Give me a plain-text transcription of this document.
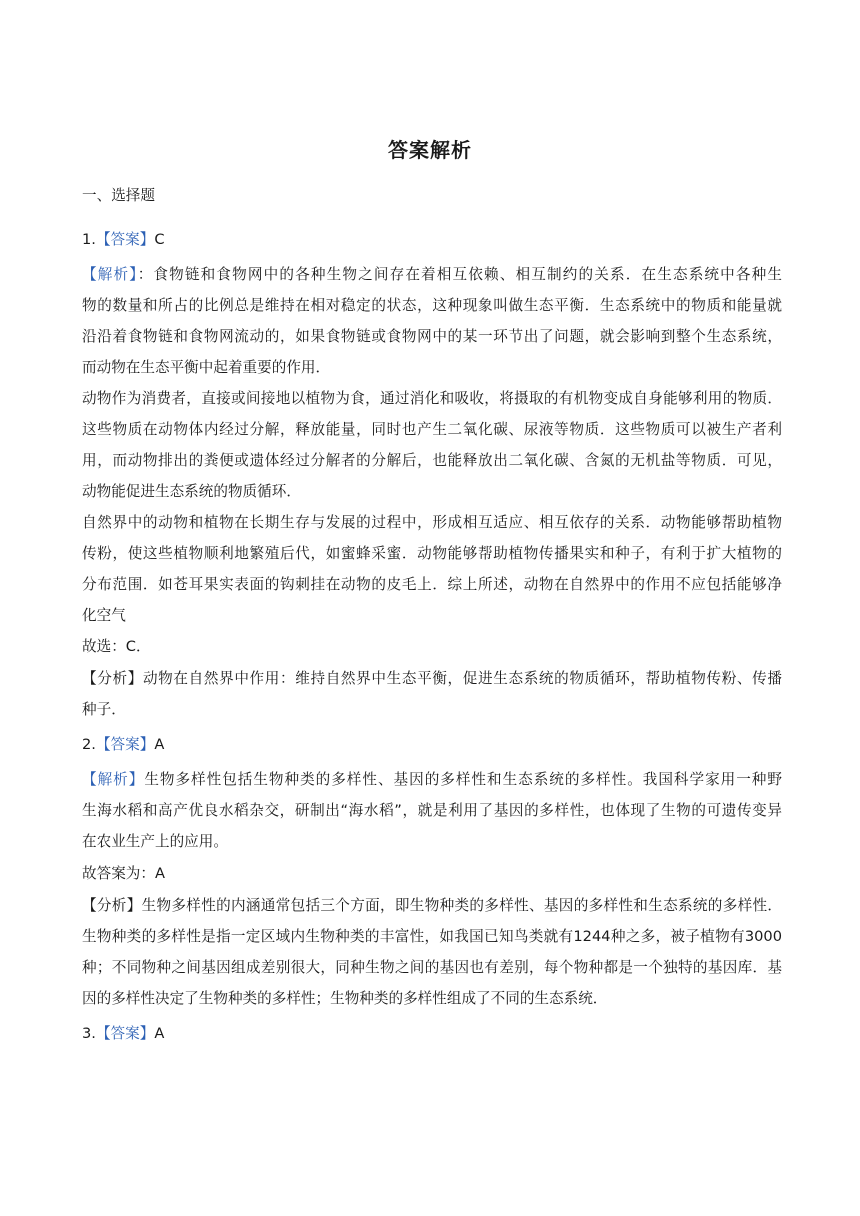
答案解析
一、选择题
1.【答案】C
【解析】：食物链和食物网中的各种生物之间存在着相互依赖、相互制约的关系．在生态系统中各种生
物的数量和所占的比例总是维持在相对稳定的状态，这种现象叫做生态平衡．生态系统中的物质和能量就
沿沿着食物链和食物网流动的，如果食物链或食物网中的某一环节出了问题，就会影响到整个生态系统，
而动物在生态平衡中起着重要的作用．
动物作为消费者，直接或间接地以植物为食，通过消化和吸收，将摄取的有机物变成自身能够利用的物质．
这些物质在动物体内经过分解，释放能量，同时也产生二氧化碳、尿液等物质．这些物质可以被生产者利
用，而动物排出的粪便或遗体经过分解者的分解后，也能释放出二氧化碳、含氮的无机盐等物质．可见，
动物能促进生态系统的物质循环．
自然界中的动物和植物在长期生存与发展的过程中，形成相互适应、相互依存的关系．动物能够帮助植物
传粉，使这些植物顺利地繁殖后代，如蜜蜂采蜜．动物能够帮助植物传播果实和种子，有利于扩大植物的
分布范围．如苍耳果实表面的钩刺挂在动物的皮毛上．综上所述，动物在自然界中的作用不应包括能够净
化空气
故选：C．
【分析】动物在自然界中作用：维持自然界中生态平衡，促进生态系统的物质循环，帮助植物传粉、传播
种子．
2.【答案】A
【解析】生物多样性包括生物种类的多样性、基因的多样性和生态系统的多样性。我国科学家用一种野
生海水稻和高产优良水稻杂交，研制出“海水稻”，就是利用了基因的多样性，也体现了生物的可遗传变异
在农业生产上的应用。
故答案为：A
【分析】生物多样性的内涵通常包括三个方面，即生物种类的多样性、基因的多样性和生态系统的多样性．
生物种类的多样性是指一定区域内生物种类的丰富性，如我国已知鸟类就有1244种之多，被子植物有3000
种；不同物种之间基因组成差别很大，同种生物之间的基因也有差别，每个物种都是一个独特的基因库．基
因的多样性决定了生物种类的多样性；生物种类的多样性组成了不同的生态系统．
3.【答案】A
